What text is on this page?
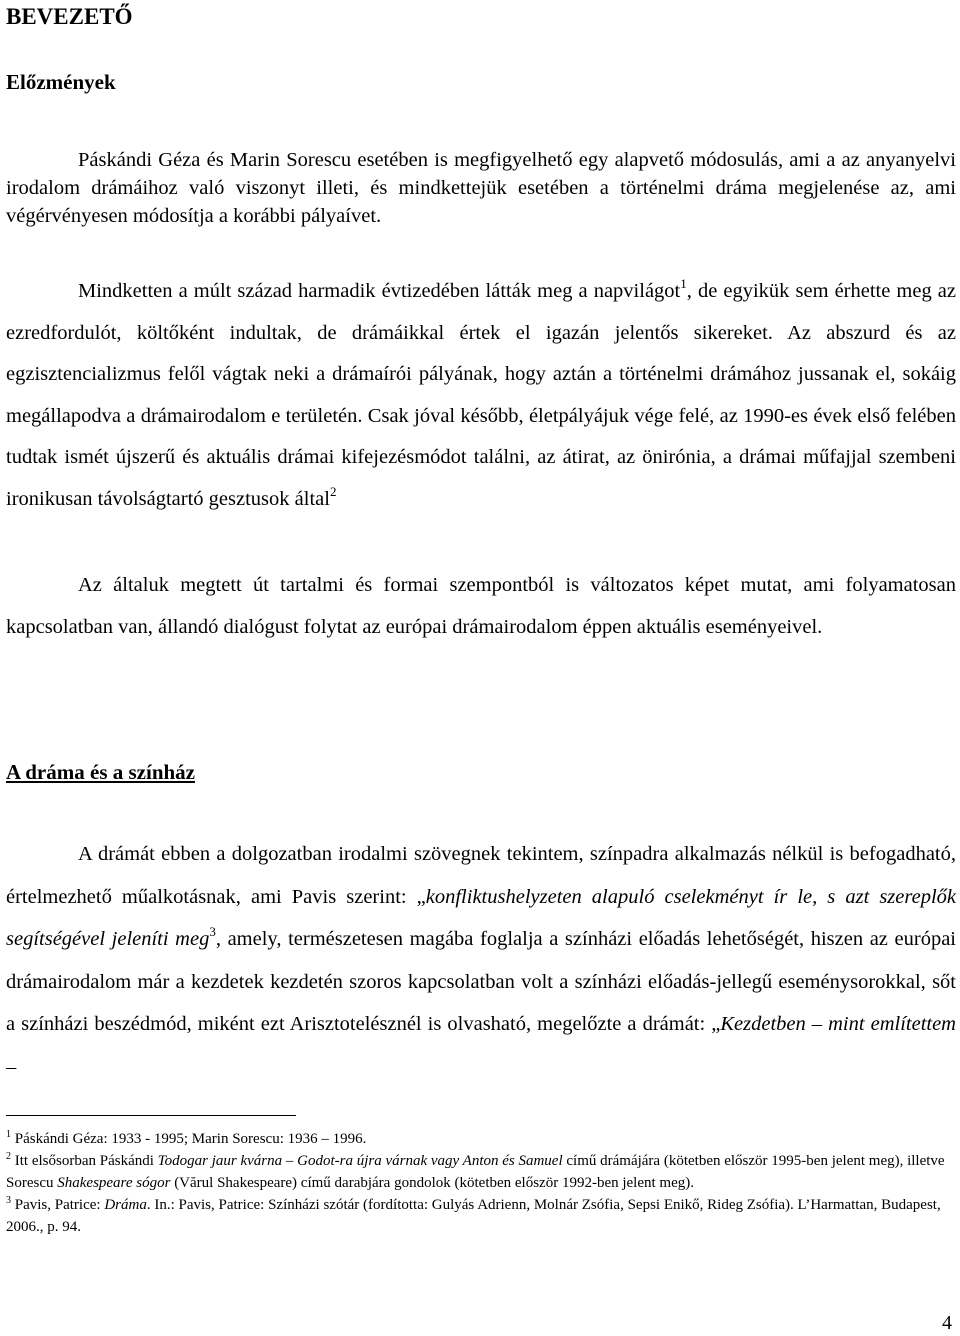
BEVEZETŐ
Előzmények

Páskándi Géza és Marin Sorescu esetében is megfigyelhető egy alapvető módosulás, ami a az anyanyelvi irodalom drámáihoz való viszonyt illeti, és mindkettejük esetében a történelmi dráma megjelenése az, ami végérvényesen módosítja a korábbi pályaívet.

Mindketten a múlt század harmadik évtizedében látták meg a napvilágot$^1$, de egyikük sem érhette meg az ezredfordulót, költőként indultak, de drámáikkal értek el igazán jelentős sikereket. Az abszurd és az egzisztencializmus felől vágtak neki a drámaírói pályának, hogy aztán a történelmi drámához jussanak el, sokáig megállapodva a drámairodalom e területén. Csak jóval később, életpályájuk vége felé, az 1990-es évek első felében tudtak ismét újszerű és aktuális drámai kifejezésmódot találni, az átirat, az önirónia, a drámai műfajjal szembeni ironikusan távolságtartó gesztusok által$^2$

Az általuk megtett út tartalmi és formai szempontból is változatos képet mutat, ami folyamatosan kapcsolatban van, állandó dialógust folytat az európai drámairodalom éppen aktuális eseményeivel.

A dráma és a színház

A drámát ebben a dolgozatban irodalmi szövegnek tekintem, színpadra alkalmazás nélkül is befogadható, értelmezhető műalkotásnak, ami Pavis szerint: „konfliktushelyzeten alapuló cselekményt ír le, s azt szereplők segítségével jeleníti meg$^3$, amely, természetesen magába foglalja a színházi előadás lehetőségét, hiszen az európai drámairodalom már a kezdetek kezdetén szoros kapcsolatban volt a színházi előadás-jellegű eseménysorokkal, sőt a színházi beszédmód, miként ezt Arisztotelésznél is olvasható, megelőzte a drámát: „Kezdetben – mint említettem –

$^1$ Páskándi Géza: 1933 - 1995; Marin Sorescu: 1936 – 1996.

$^2$ Itt elsősorban Páskándi Todogar jaur kvárna – Godot-ra újra várnak vagy Anton és Samuel című drámájára (kötetben először 1995-ben jelent meg), illetve Sorescu Shakespeare sógor (Vărul Shakespeare) című darabjára gondolok (kötetben először 1992-ben jelent meg).

$^3$ Pavis, Patrice: Dráma. In.: Pavis, Patrice: Színházi szótár (fordította: Gulyás Adrienn, Molnár Zsófia, Sepsi Enikő, Rideg Zsófia). L’Harmattan, Budapest, 2006., p. 94.

4
